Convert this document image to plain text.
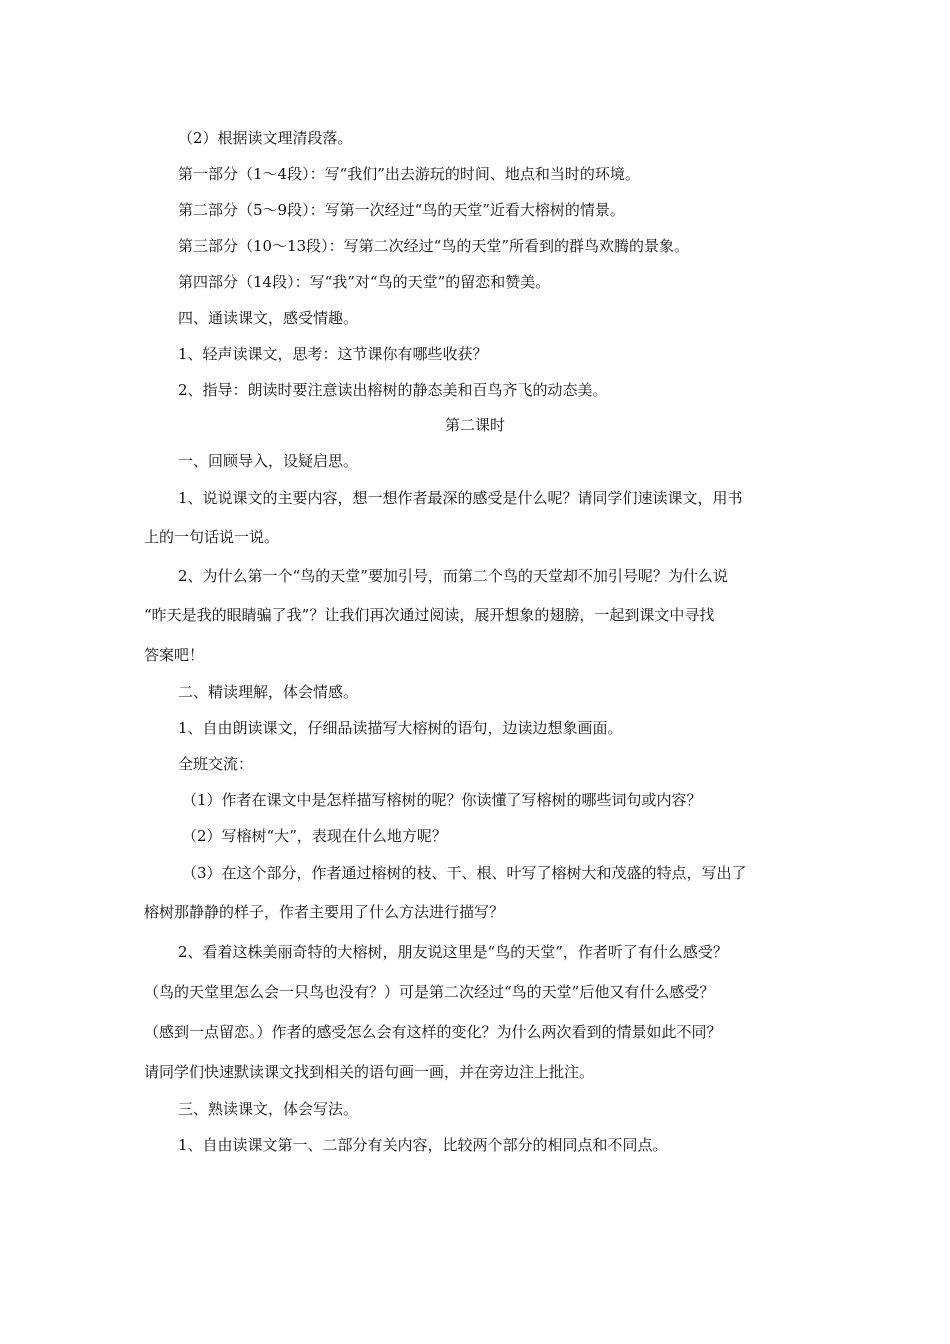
（2）根据读文理清段落。
第一部分（1～4段）：写“我们”出去游玩的时间、地点和当时的环境。
第二部分（5～9段）：写第一次经过“鸟的天堂”近看大榕树的情景。
第三部分（10～13段）：写第二次经过“鸟的天堂”所看到的群鸟欢腾的景象。
第四部分（14段）：写“我”对“鸟的天堂”的留恋和赞美。
四、通读课文，感受情趣。
1、轻声读课文，思考：这节课你有哪些收获？
2、指导：朗读时要注意读出榕树的静态美和百鸟齐飞的动态美。
第二课时
一、回顾导入，设疑启思。
1、说说课文的主要内容，想一想作者最深的感受是什么呢？请同学们速读课文，用书
上的一句话说一说。
2、为什么第一个“鸟的天堂”要加引号，而第二个鸟的天堂却不加引号呢？为什么说
“昨天是我的眼睛骗了我”？让我们再次通过阅读，展开想象的翅膀，一起到课文中寻找
答案吧！
二、精读理解，体会情感。
1、自由朗读课文，仔细品读描写大榕树的语句，边读边想象画面。
全班交流：
（1）作者在课文中是怎样描写榕树的呢？你读懂了写榕树的哪些词句或内容？
（2）写榕树“大”，表现在什么地方呢？
（3）在这个部分，作者通过榕树的枝、干、根、叶写了榕树大和茂盛的特点，写出了
榕树那静静的样子，作者主要用了什么方法进行描写？
2、看着这株美丽奇特的大榕树，朋友说这里是“鸟的天堂”，作者听了有什么感受？
（鸟的天堂里怎么会一只鸟也没有？）可是第二次经过“鸟的天堂”后他又有什么感受？
（感到一点留恋。）作者的感受怎么会有这样的变化？为什么两次看到的情景如此不同？
请同学们快速默读课文找到相关的语句画一画，并在旁边注上批注。
三、熟读课文，体会写法。
1、自由读课文第一、二部分有关内容，比较两个部分的相同点和不同点。
